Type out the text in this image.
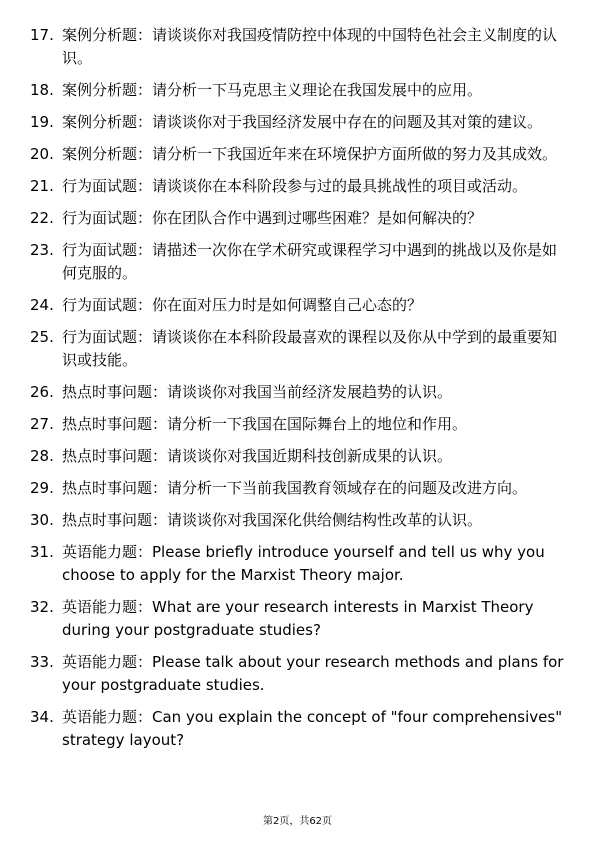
17. 案例分析题：请谈谈你对我国疫情防控中体现的中国特色社会主义制度的认识。
18. 案例分析题：请分析一下马克思主义理论在我国发展中的应用。
19. 案例分析题：请谈谈你对于我国经济发展中存在的问题及其对策的建议。
20. 案例分析题：请分析一下我国近年来在环境保护方面所做的努力及其成效。
21. 行为面试题：请谈谈你在本科阶段参与过的最具挑战性的项目或活动。
22. 行为面试题：你在团队合作中遇到过哪些困难？是如何解决的？
23. 行为面试题：请描述一次你在学术研究或课程学习中遇到的挑战以及你是如何克服的。
24. 行为面试题：你在面对压力时是如何调整自己心态的？
25. 行为面试题：请谈谈你在本科阶段最喜欢的课程以及你从中学到的最重要知识或技能。
26. 热点时事问题：请谈谈你对我国当前经济发展趋势的认识。
27. 热点时事问题：请分析一下我国在国际舞台上的地位和作用。
28. 热点时事问题：请谈谈你对我国近期科技创新成果的认识。
29. 热点时事问题：请分析一下当前我国教育领域存在的问题及改进方向。
30. 热点时事问题：请谈谈你对我国深化供给侧结构性改革的认识。
31. 英语能力题：Please briefly introduce yourself and tell us why you choose to apply for the Marxist Theory major.
32. 英语能力题：What are your research interests in Marxist Theory during your postgraduate studies?
33. 英语能力题：Please talk about your research methods and plans for your postgraduate studies.
34. 英语能力题：Can you explain the concept of "four comprehensives" strategy layout?
第2页，共62页
